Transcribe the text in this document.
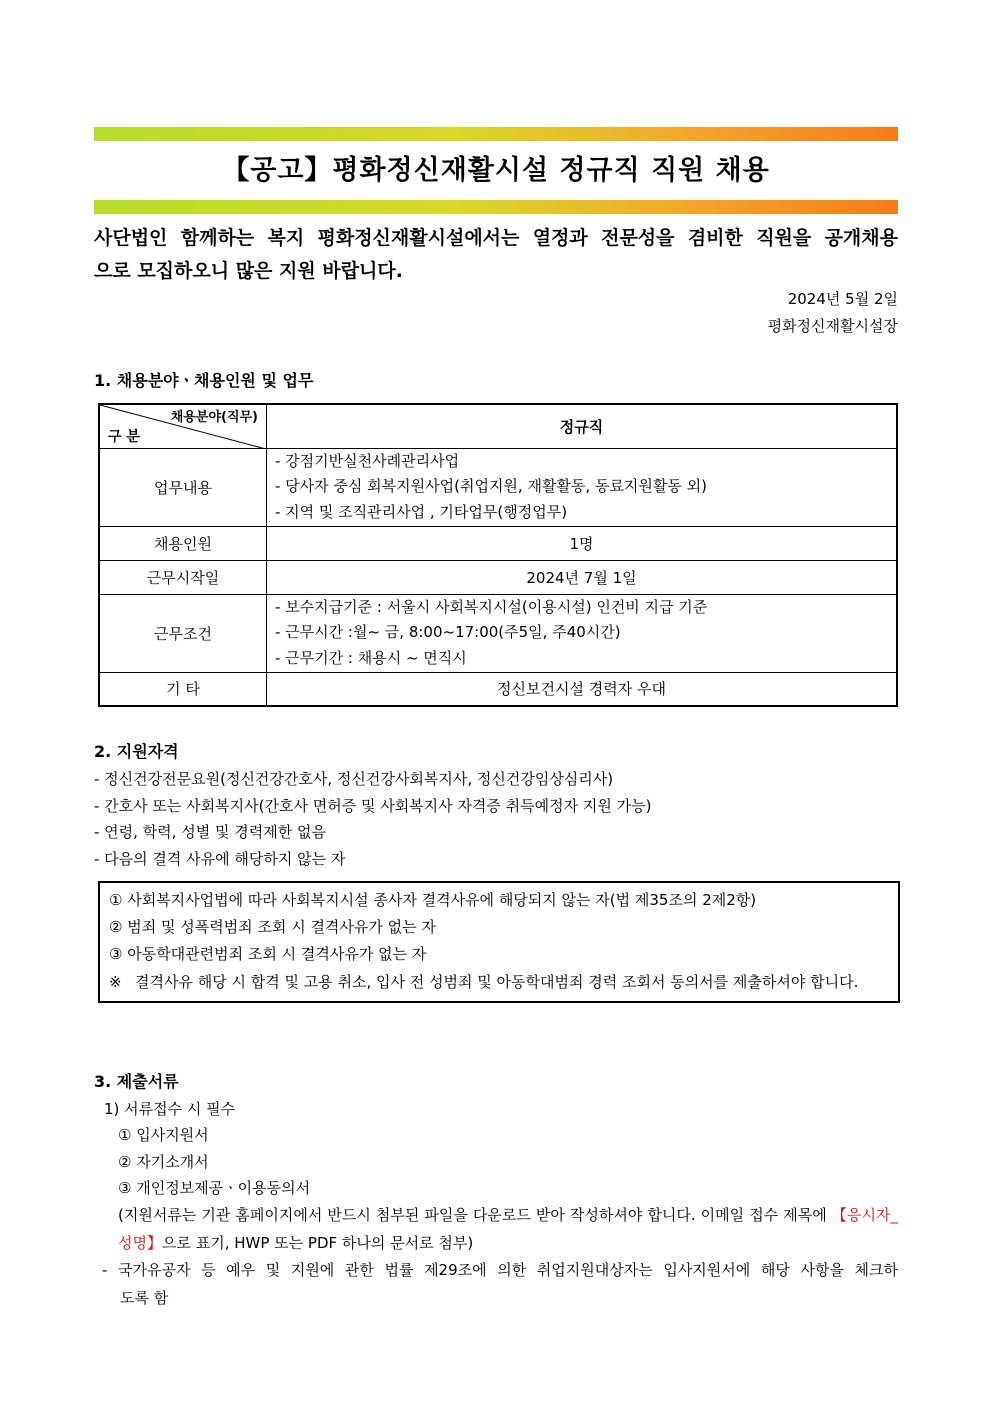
【공고】평화정신재활시설 정규직 직원 채용
사단법인 함께하는 복지 평화정신재활시설에서는 열정과 전문성을 겸비한 직원을 공개채용
으로 모집하오니 많은 지원 바랍니다.
2024년 5월 2일
평화정신재활시설장
1. 채용분야ㆍ채용인원 및 업무
채용분야(직무)
구 분	정규직
업무내용	- 강점기반실천사례관리사업
- 당사자 중심 회복지원사업(취업지원, 재활활동, 동료지원활동 외)
- 지역 및 조직관리사업 , 기타업무(행정업무)

채용인원	1명
근무시작일	2024년 7월 1일
근무조건	- 보수지급기준 : 서울시 사회복지시설(이용시설) 인건비 지급 기준
- 근무시간 :월~ 금, 8:00~17:00(주5일, 주40시간)
- 근무기간 : 채용시 ~ 면직시

기 타	정신보건시설 경력자 우대
2. 지원자격
- 정신건강전문요원(정신건강간호사, 정신건강사회복지사, 정신건강임상심리사)
- 간호사 또는 사회복지사(간호사 면허증 및 사회복지사 자격증 취득예정자 지원 가능)
- 연령, 학력, 성별 및 경력제한 없음
- 다음의 결격 사유에 해당하지 않는 자
① 사회복지사업법에 따라 사회복지시설 종사자 결격사유에 해당되지 않는 자(법 제35조의 2제2항)
② 범죄 및 성폭력범죄 조회 시 결격사유가 없는 자
③ 아동학대관련범죄 조회 시 결격사유가 없는 자
※ 결격사유 해당 시 합격 및 고용 취소, 입사 전 성범죄 및 아동학대범죄 경력 조회서 동의서를 제출하셔야 합니다.
3. 제출서류
1) 서류접수 시 필수
① 입사지원서
② 자기소개서
③ 개인정보제공ㆍ이용동의서
(지원서류는 기관 홈페이지에서 반드시 첨부된 파일을 다운로드 받아 작성하셔야 합니다. 이메일 접수 제목에 【응시자_성명】으로 표기, HWP 또는 PDF 하나의 문서로 첨부)
- 국가유공자 등 예우 및 지원에 관한 법률 제29조에 의한 취업지원대상자는 입사지원서에 해당 사항을 체크하
도록 함
